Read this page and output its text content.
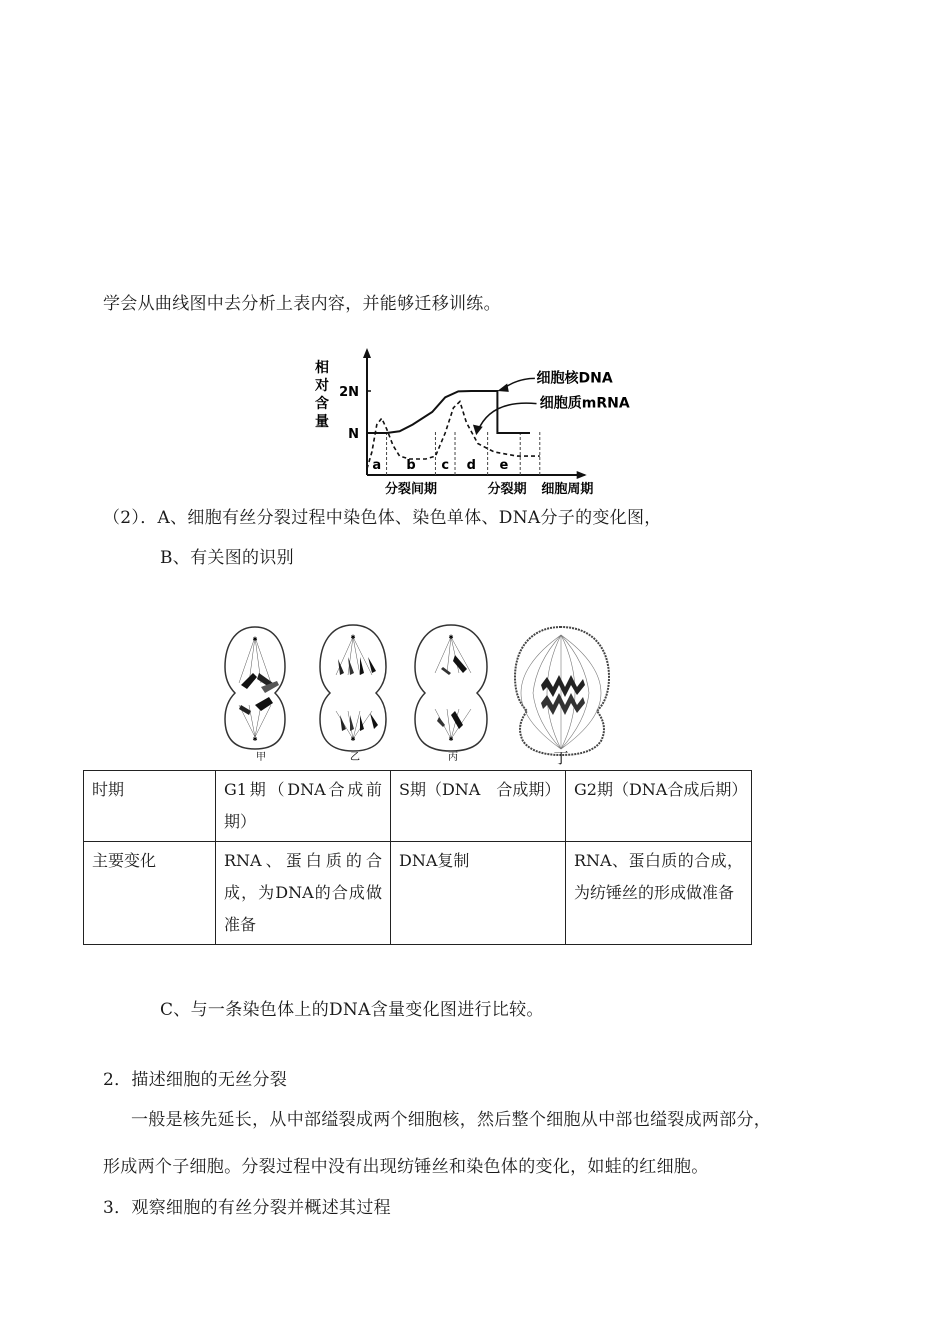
学会从曲线图中去分析上表内容，并能够迁移训练。
相
对
含
量
2N
N
a b c d e
分裂间期	分裂期 细胞周期
细胞核DNA
细胞质mRNA
（2）．A、细胞有丝分裂过程中染色体、染色单体、DNA分子的变化图，
B、有关图的识别
✱
✱
✱
✱
✱
✱
甲	乙	丙	丁
时期	G1期（DNA合成前期）	S期（DNA　合成期）	G2期（DNA合成后期）
主要变化	RNA、蛋白质的合成，为DNA的合成做准备	DNA复制	RNA、蛋白质的合成，为纺锤丝的形成做准备
C、与一条染色体上的DNA含量变化图进行比较。
2．描述细胞的无丝分裂
一般是核先延长，从中部缢裂成两个细胞核，然后整个细胞从中部也缢裂成两部分，
形成两个子细胞。分裂过程中没有出现纺锤丝和染色体的变化，如蛙的红细胞。
3．观察细胞的有丝分裂并概述其过程
